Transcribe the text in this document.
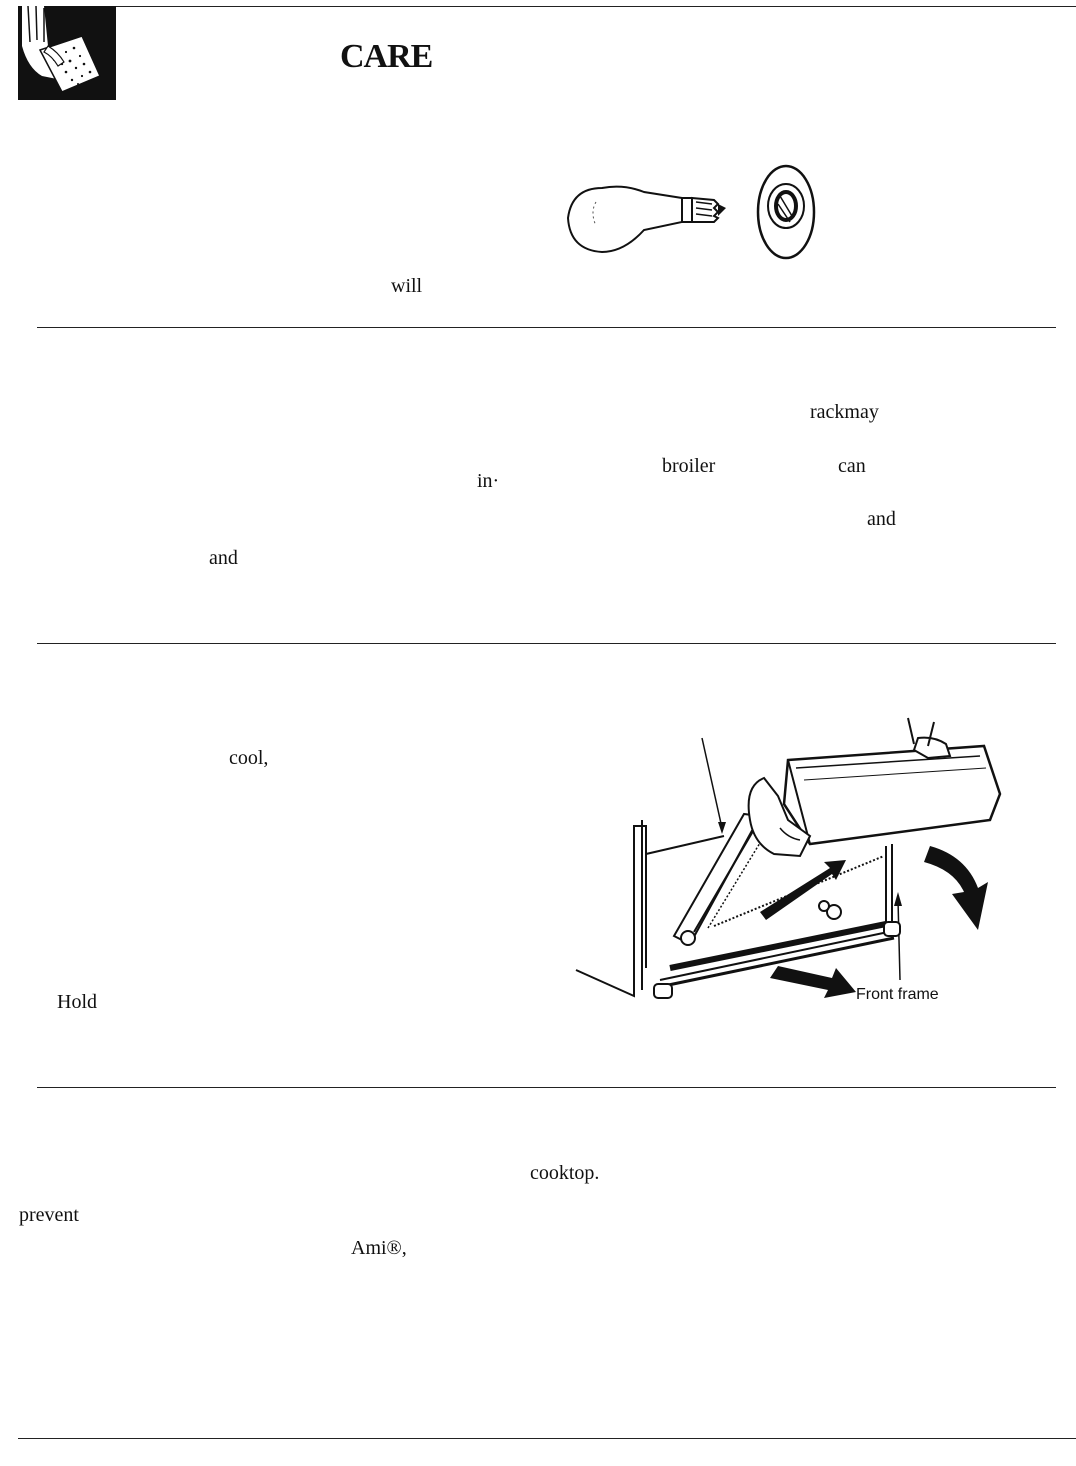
CARE
will
rackmay
broiler	can
in·
and
and
cool,
Hold	Front frame
cooktop.
prevent
Ami®,
